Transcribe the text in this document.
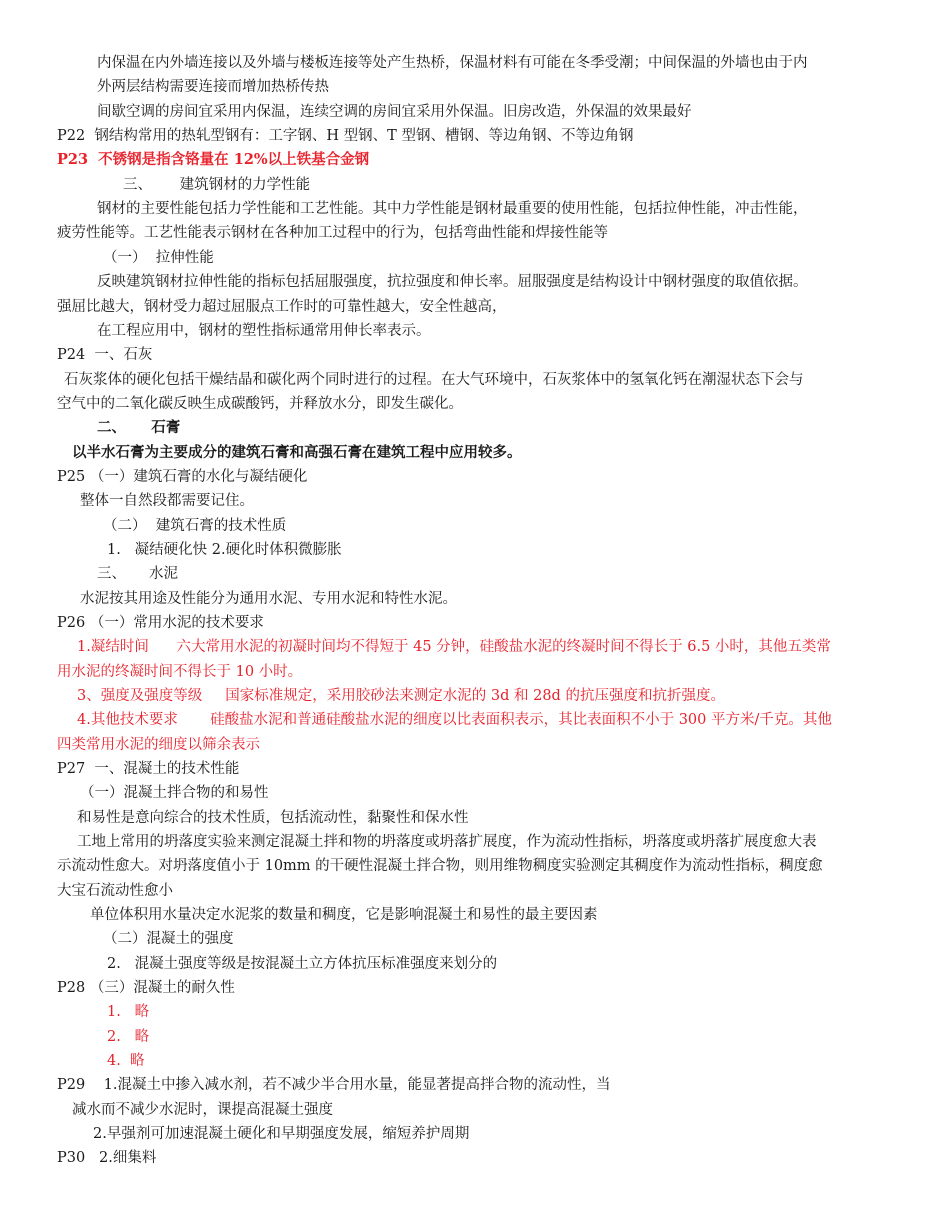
内保温在内外墙连接以及外墙与楼板连接等处产生热桥，保温材料有可能在冬季受潮；中间保温的外墙也由于内
外两层结构需要连接而增加热桥传热
间歇空调的房间宜采用内保温，连续空调的房间宜采用外保温。旧房改造，外保温的效果最好
P22  钢结构常用的热轧型钢有：工字钢、H 型钢、T 型钢、槽钢、等边角钢、不等边角钢
P23  不锈钢是指含铬量在 12%以上铁基合金钢
三、      建筑钢材的力学性能
钢材的主要性能包括力学性能和工艺性能。其中力学性能是钢材最重要的使用性能，包括拉伸性能，冲击性能，
疲劳性能等。工艺性能表示钢材在各种加工过程中的行为，包括弯曲性能和焊接性能等
（一）  拉伸性能
反映建筑钢材拉伸性能的指标包括屈服强度，抗拉强度和伸长率。屈服强度是结构设计中钢材强度的取值依据。
强屈比越大，钢材受力超过屈服点工作时的可靠性越大，安全性越高，
在工程应用中，钢材的塑性指标通常用伸长率表示。
P24  一、石灰
石灰浆体的硬化包括干燥结晶和碳化两个同时进行的过程。在大气环境中，石灰浆体中的氢氧化钙在潮湿状态下会与
空气中的二氧化碳反映生成碳酸钙，并释放水分，即发生碳化。
二、     石膏
以半水石膏为主要成分的建筑石膏和高强石膏在建筑工程中应用较多。
P25 （一）建筑石膏的水化与凝结硬化
整体一自然段都需要记住。
（二）  建筑石膏的技术性质
1.   凝结硬化快 2.硬化时体积微膨胀
三、     水泥
水泥按其用途及性能分为通用水泥、专用水泥和特性水泥。
P26 （一）常用水泥的技术要求
1.凝结时间      六大常用水泥的初凝时间均不得短于 45 分钟，硅酸盐水泥的终凝时间不得长于 6.5 小时，其他五类常
用水泥的终凝时间不得长于 10 小时。
3、强度及强度等级     国家标准规定，采用胶砂法来测定水泥的 3d 和 28d 的抗压强度和抗折强度。
4.其他技术要求       硅酸盐水泥和普通硅酸盐水泥的细度以比表面积表示，其比表面积不小于 300 平方米/千克。其他
四类常用水泥的细度以筛余表示
P27  一、混凝土的技术性能
（一）混凝土拌合物的和易性
和易性是意向综合的技术性质，包括流动性，黏聚性和保水性
工地上常用的坍落度实验来测定混凝土拌和物的坍落度或坍落扩展度，作为流动性指标，坍落度或坍落扩展度愈大表
示流动性愈大。对坍落度值小于 10mm 的干硬性混凝土拌合物，则用维物稠度实验测定其稠度作为流动性指标，稠度愈
大宝石流动性愈小
单位体积用水量决定水泥浆的数量和稠度，它是影响混凝土和易性的最主要因素
（二）混凝土的强度
2.   混凝土强度等级是按混凝土立方体抗压标准强度来划分的
P28 （三）混凝土的耐久性
1.   略
2.   略
4.  略
P29    1.混凝土中掺入减水剂，若不减少半合用水量，能显著提高拌合物的流动性，当
减水而不减少水泥时，课提高混凝土强度
2.早强剂可加速混凝土硬化和早期强度发展，缩短养护周期
P30   2.细集料
